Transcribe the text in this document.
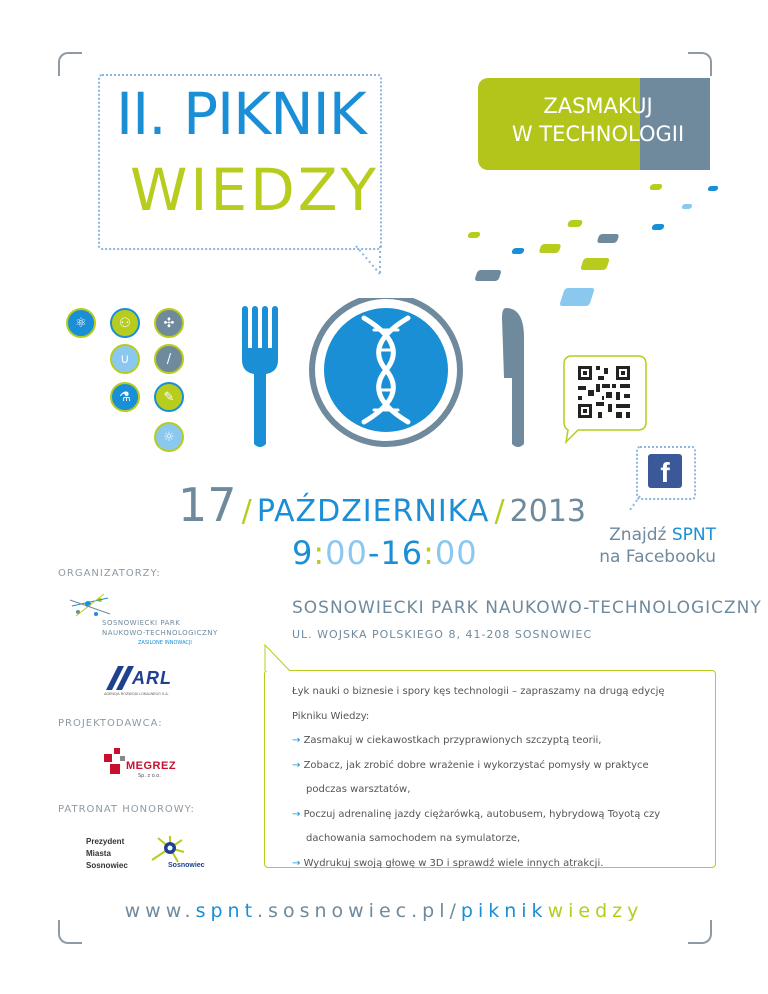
II. PIKNIK
WIEDZY
ZASMAKUJ
W TECHNOLOGII
⚛	⚇	✣
∪	/
⚗	✎
☼
f
Znajdź SPNT
na Facebooku
17 / PAŹDZIERNIKA / 2013
9:00-16:00
ORGANIZATORZY:
SOSNOWIECKI PARK
NAUKOWO-TECHNOLOGICZNY
ZASILONE INNOWACJI
ARL
AGENCJA ROZWOJU LOKALNEGO S.A.
PROJEKTODAWCA:
MEGREZ
Sp. z o.o.
PATRONAT HONOROWY:
Prezydent
Miasta
Sosnowiec	Sosnowiec
SOSNOWIECKI PARK NAUKOWO-TECHNOLOGICZNY
UL. WOJSKA POLSKIEGO 8, 41-208 SOSNOWIEC
Łyk nauki o biznesie i spory kęs technologii – zapraszamy na drugą edycję
Pikniku Wiedzy:
→ Zasmakuj w ciekawostkach przyprawionych szczyptą teorii,
→ Zobacz, jak zrobić dobre wrażenie i wykorzystać pomysły w praktyce
podczas warsztatów,
→ Poczuj adrenalinę jazdy ciężarówką, autobusem, hybrydową Toyotą czy
dachowania samochodem na symulatorze,
→ Wydrukuj swoją głowę w 3D i sprawdź wiele innych atrakcji.
www.spnt.sosnowiec.pl/piknikwiedzy
